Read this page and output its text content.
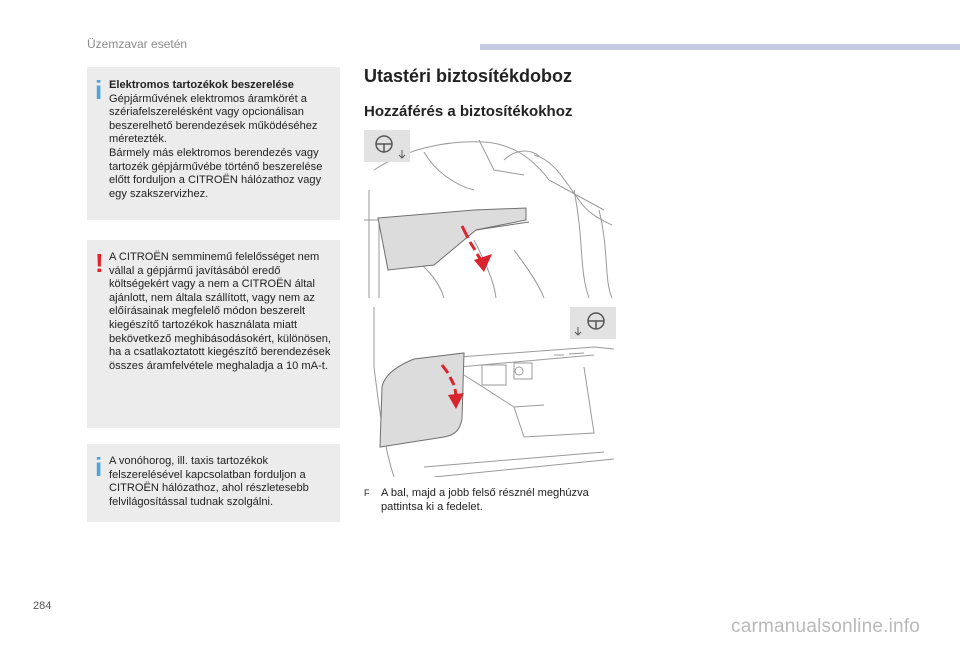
Üzemzavar esetén
i Elektromos tartozékok beszerelése

Gépjárművének elektromos áramkörét a szériafelszerelésként vagy opcionálisan beszerelhető berendezések működéséhez méretezték.

Bármely más elektromos berendezés vagy tartozék gépjárművébe történő beszerelése előtt forduljon a CITROËN hálózathoz vagy egy szakszervizhez.

! A CITROËN semminemű felelősséget nem vállal a gépjármű javításából eredő költségekért vagy a nem a CITROËN által ajánlott, nem általa szállított, vagy nem az előírásainak megfelelő módon beszerelt kiegészítő tartozékok használata miatt bekövetkező meghibásodásokért, különösen, ha a csatlakoztatott kiegészítő berendezések összes áramfelvétele meghaladja a 10 mA-t.

i A vonóhorog, ill. taxis tartozékok felszerelésével kapcsolatban forduljon a CITROËN hálózathoz, ahol részletesebb felvilágosítással tudnak szolgálni.

Utastéri biztosítékdoboz
Hozzáférés a biztosítékokhoz
F	A bal, majd a jobb felső résznél meghúzva pattintsa ki a fedelet.
284
carmanualsonline.info
